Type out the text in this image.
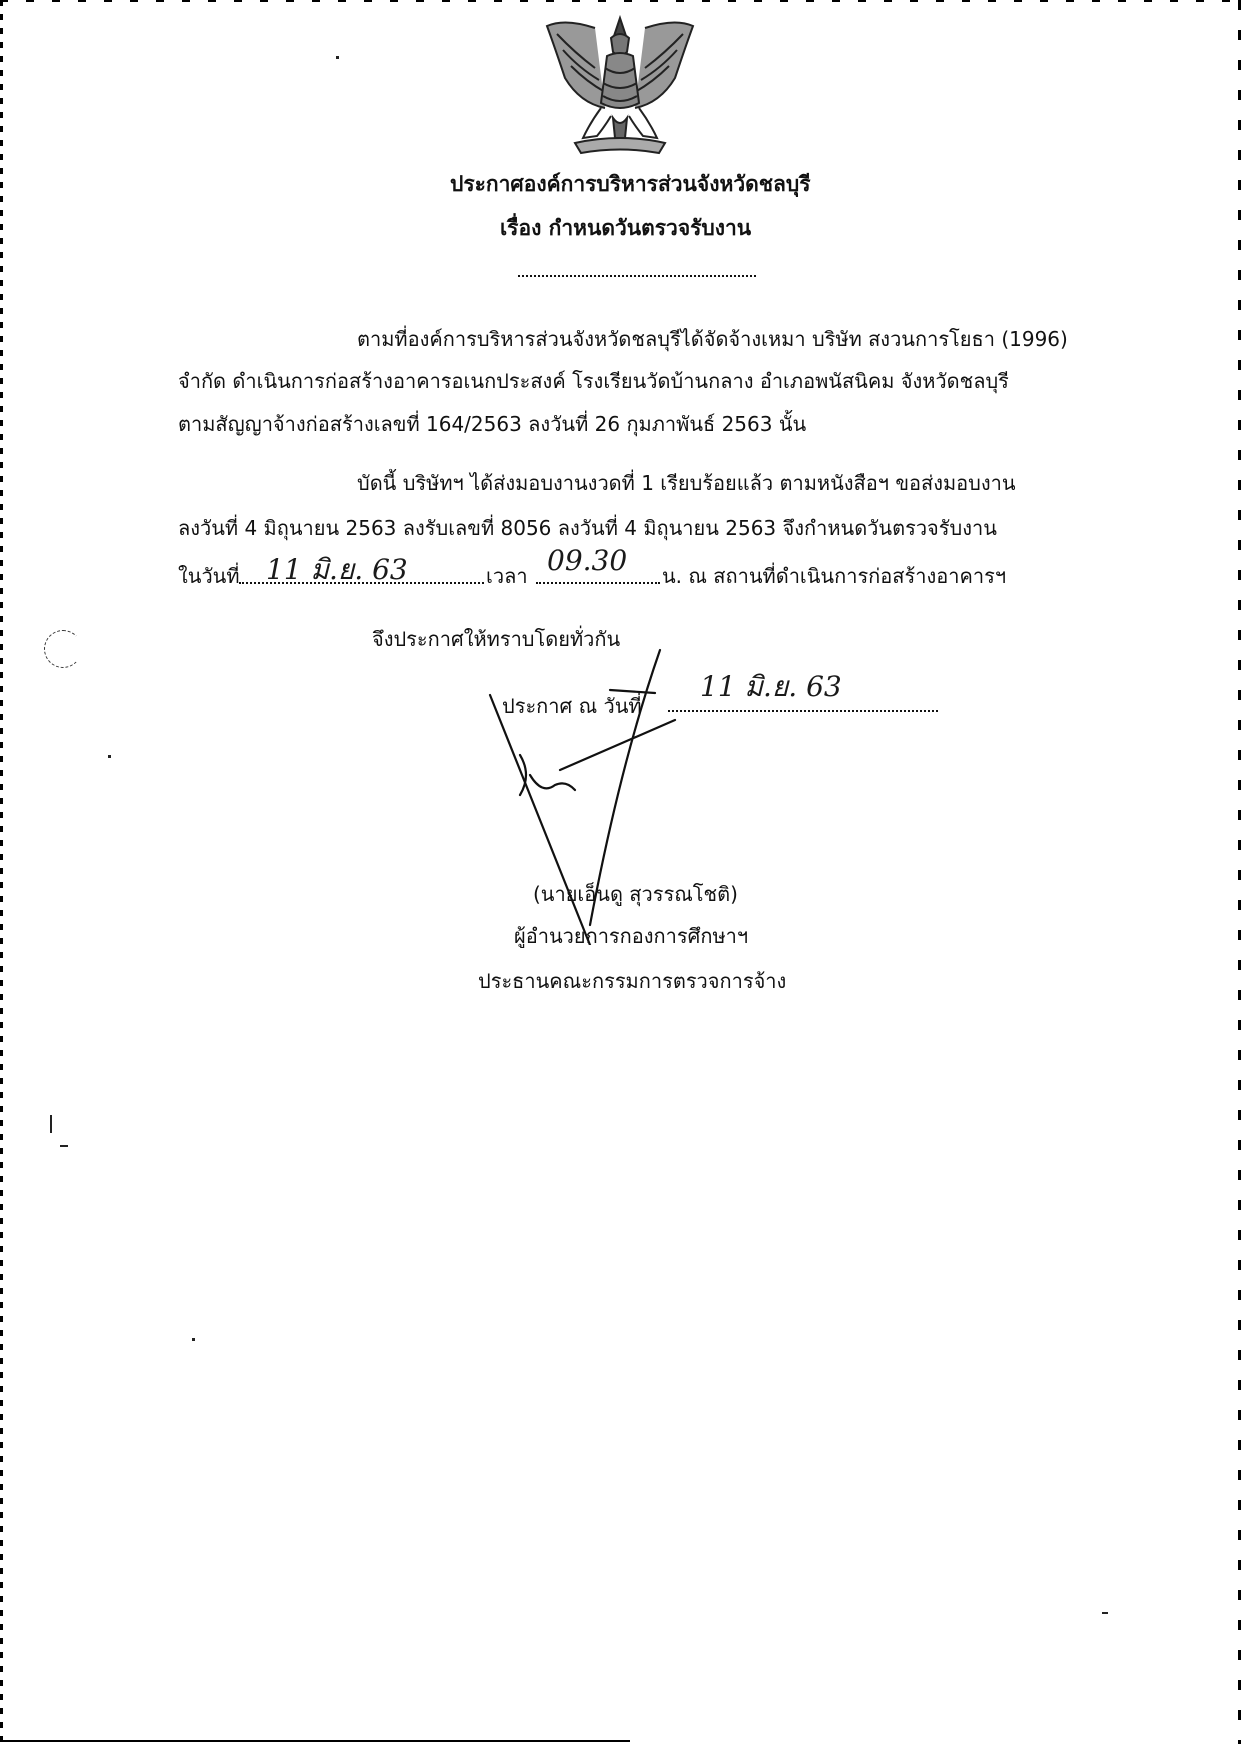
ประกาศองค์การบริหารส่วนจังหวัดชลบุรี
เรื่อง กำหนดวันตรวจรับงาน
ตามที่องค์การบริหารส่วนจังหวัดชลบุรีได้จัดจ้างเหมา บริษัท สงวนการโยธา (1996)
จำกัด ดำเนินการก่อสร้างอาคารอเนกประสงค์ โรงเรียนวัดบ้านกลาง อำเภอพนัสนิคม จังหวัดชลบุรี
ตามสัญญาจ้างก่อสร้างเลขที่ 164/2563 ลงวันที่ 26 กุมภาพันธ์ 2563 นั้น
บัดนี้ บริษัทฯ ได้ส่งมอบงานงวดที่ 1 เรียบร้อยแล้ว ตามหนังสือฯ ขอส่งมอบงาน
ลงวันที่ 4 มิถุนายน 2563 ลงรับเลขที่ 8056 ลงวันที่ 4 มิถุนายน 2563 จึงกำหนดวันตรวจรับงาน
ในวันที่ 11 มิ.ย. 63	เวลา 09.30 น. ณ สถานที่ดำเนินการก่อสร้างอาคารฯ
จึงประกาศให้ทราบโดยทั่วกัน
ประกาศ ณ วันที่
11 มิ.ย. 63
(นายเอ็นดู สุวรรณโชติ)
ผู้อำนวยการกองการศึกษาฯ
ประธานคณะกรรมการตรวจการจ้าง
